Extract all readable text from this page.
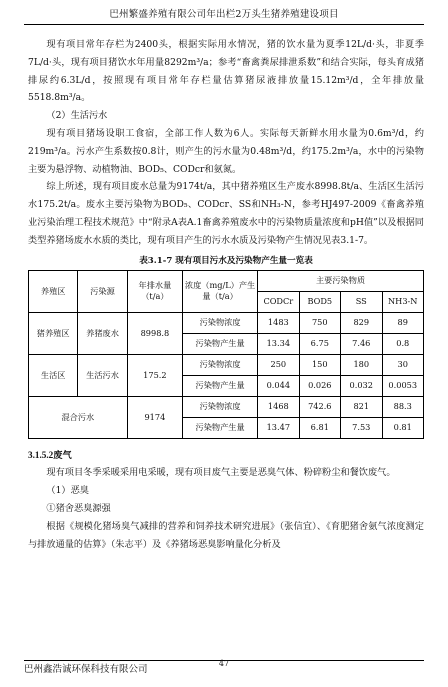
巴州繁盛养殖有限公司年出栏2万头生猪养殖建设项目

现有项目常年存栏为2400头，根据实际用水情况，猪的饮水量为夏季12L/d·头，非夏季7L/d·头，现有项目猪饮水年用量8292m³/a；参考“畜禽粪尿排泄系数”和结合实际，每头育成猪排尿约6.3L/d，按照现有项目常年存栏量估算猪尿液排放量15.12m³/d，全年排放量5518.8m³/a。

（2）生活污水

现有项目猪场设职工食宿，全部工作人数为6人。实际每天新鲜水用水量为0.6m³/d，约219m³/a。污水产生系数按0.8计，则产生的污水量为0.48m³/d，约175.2m³/a，水中的污染物主要为悬浮物、动植物油、BOD₅、CODcr和氨氮。

综上所述，现有项目废水总量为9174t/a，其中猪养殖区生产废水8998.8t/a、生活区生活污水175.2t/a。废水主要污染物为BOD₅、CODcr、SS和NH₃-N，参考HJ497-2009《畜禽养殖业污染治理工程技术规范》中“附录A表A.1畜禽养殖废水中的污染物质量浓度和pH值”以及根据同类型养猪场废水水质的类比，现有项目产生的污水水质及污染物产生情况见表3.1-7。

表3.1-7 现有项目污水及污染物产生量一览表
养殖区	污染源	年排水量（t/a）	浓度（mg/L）产生量（t/a）	主要污染物质			
				CODCr	BOD5	SS	NH3-N
猪养殖区	养猪废水	8998.8	污染物浓度	1483	750	829	89
			污染物产生量	13.34	6.75	7.46	0.8
生活区	生活污水	175.2	污染物浓度	250	150	180	30
			污染物产生量	0.044	0.026	0.032	0.0053
混合污水		9174	污染物浓度	1468	742.6	821	88.3
			污染物产生量	13.47	6.81	7.53	0.81

3.1.5.2废气

现有项目冬季采暖采用电采暖，现有项目废气主要是恶臭气体、粉碎粉尘和餐饮废气。

（1）恶臭

①猪舍恶臭源强

根据《规模化猪场臭气减排的营养和饲养技术研究进展》（张信宜）、《育肥猪舍氨气浓度测定与排放通量的估算》（朱志平）及《养猪场恶臭影响量化分析及

巴州鑫浩诚环保科技有限公司
47
